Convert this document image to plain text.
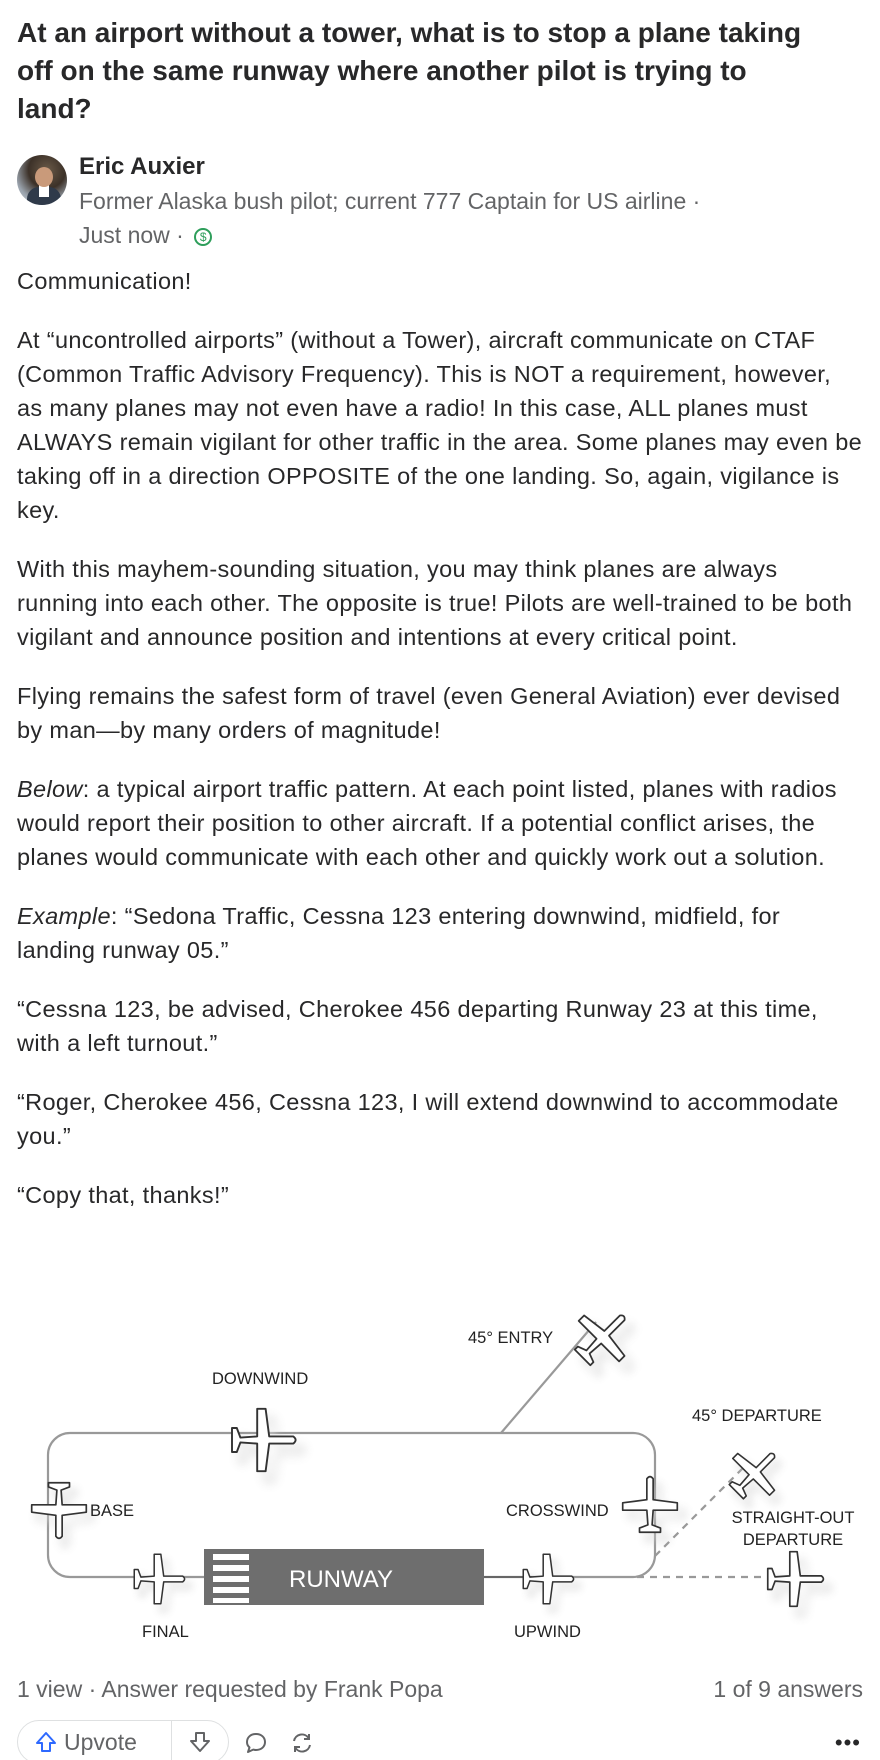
At an airport without a tower, what is to stop a plane taking off on the same runway where another pilot is trying to land?
Eric Auxier
Former Alaska bush pilot; current 777 Captain for US airline ·
Just now · $

Communication!

At “uncontrolled airports” (without a Tower), aircraft communicate on CTAF (Common Traffic Advisory Frequency). This is NOT a requirement, however, as many planes may not even have a radio! In this case, ALL planes must ALWAYS remain vigilant for other traffic in the area. Some planes may even be taking off in a direction OPPOSITE of the one landing. So, again, vigilance is key.

With this mayhem-sounding situation, you may think planes are always running into each other. The opposite is true! Pilots are well-trained to be both vigilant and announce position and intentions at every critical point.

Flying remains the safest form of travel (even General Aviation) ever devised by man—by many orders of magnitude!

Below: a typical airport traffic pattern. At each point listed, planes with radios would report their position to other aircraft. If a potential conflict arises, the planes would communicate with each other and quickly work out a solution.

Example: “Sedona Traffic, Cessna 123 entering downwind, midfield, for landing runway 05.”

“Cessna 123, be advised, Cherokee 456 departing Runway 23 at this time, with a left turnout.”

“Roger, Cherokee 456, Cessna 123, I will extend downwind to accommodate you.”

“Copy that, thanks!”

RUNWAY
45° ENTRY
DOWNWIND
45° DEPARTURE
BASE	CROSSWIND	STRAIGHT-OUT
DEPARTURE
FINAL	UPWIND
1 view · Answer requested by Frank Popa	1 of 9 answers
Upvote	•••
